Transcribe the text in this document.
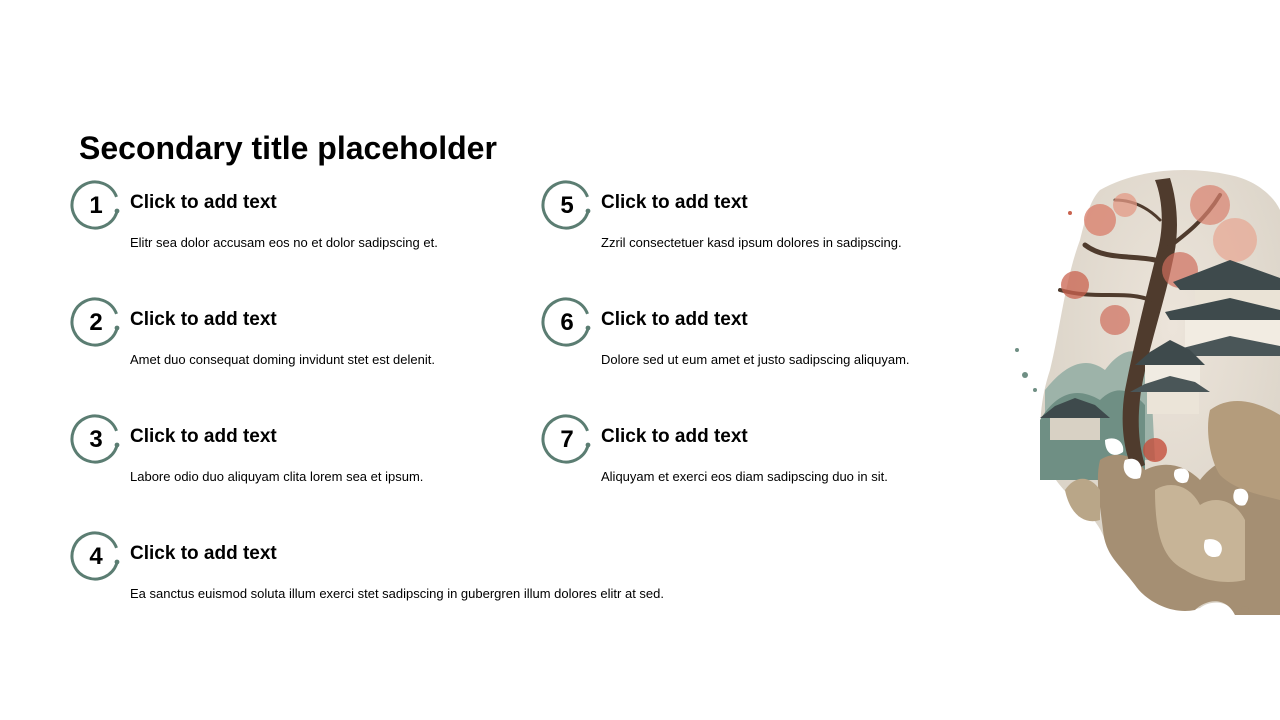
Secondary title placeholder
1	Click to add text
Elitr sea dolor accusam eos no et dolor sadipscing et.
2	Click to add text
Amet duo consequat doming invidunt stet est delenit.
3	Click to add text
Labore odio duo aliquyam clita lorem sea et ipsum.
4	Click to add text
Ea sanctus euismod soluta illum exerci stet sadipscing in gubergren illum dolores elitr at sed.
5	Click to add text
Zzril consectetuer kasd ipsum dolores in sadipscing.
6	Click to add text
Dolore sed ut eum amet et justo sadipscing aliquyam.
7	Click to add text
Aliquyam et exerci eos diam sadipscing duo in sit.
